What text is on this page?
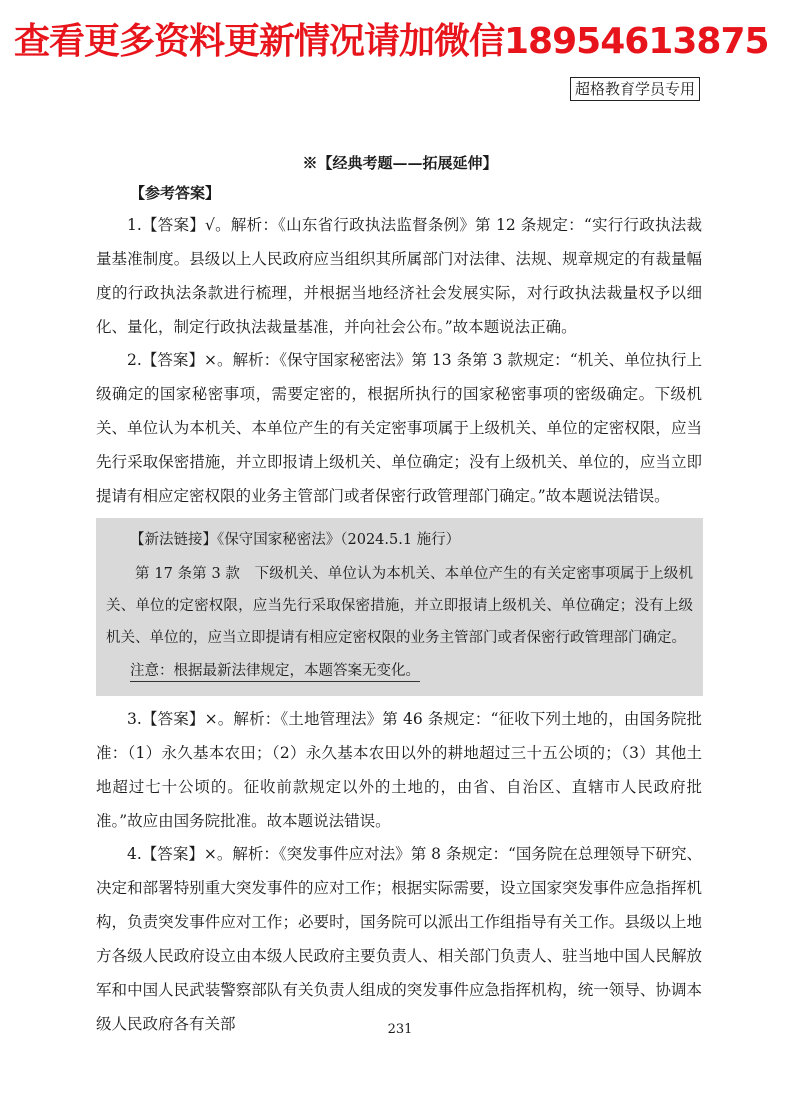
查看更多资料更新情况请加微信18954613875
超格教育学员专用
※【经典考题——拓展延伸】
【参考答案】
1.【答案】√。解析：《山东省行政执法监督条例》第 12 条规定：“实行行政执法裁量基准制度。县级以上人民政府应当组织其所属部门对法律、法规、规章规定的有裁量幅度的行政执法条款进行梳理，并根据当地经济社会发展实际，对行政执法裁量权予以细化、量化，制定行政执法裁量基准，并向社会公布。”故本题说法正确。
2.【答案】×。解析：《保守国家秘密法》第 13 条第 3 款规定：“机关、单位执行上级确定的国家秘密事项，需要定密的，根据所执行的国家秘密事项的密级确定。下级机关、单位认为本机关、本单位产生的有关定密事项属于上级机关、单位的定密权限，应当先行采取保密措施，并立即报请上级机关、单位确定；没有上级机关、单位的，应当立即提请有相应定密权限的业务主管部门或者保密行政管理部门确定。”故本题说法错误。
【新法链接】《保守国家秘密法》（2024.5.1 施行）
第 17 条第 3 款　下级机关、单位认为本机关、本单位产生的有关定密事项属于上级机关、单位的定密权限，应当先行采取保密措施，并立即报请上级机关、单位确定；没有上级机关、单位的，应当立即提请有相应定密权限的业务主管部门或者保密行政管理部门确定。
注意：根据最新法律规定，本题答案无变化。
3.【答案】×。解析：《土地管理法》第 46 条规定：“征收下列土地的，由国务院批准：（1）永久基本农田；（2）永久基本农田以外的耕地超过三十五公顷的；（3）其他土地超过七十公顷的。征收前款规定以外的土地的，由省、自治区、直辖市人民政府批准。”故应由国务院批准。故本题说法错误。
4.【答案】×。解析：《突发事件应对法》第 8 条规定：“国务院在总理领导下研究、决定和部署特别重大突发事件的应对工作；根据实际需要，设立国家突发事件应急指挥机构，负责突发事件应对工作；必要时，国务院可以派出工作组指导有关工作。县级以上地方各级人民政府设立由本级人民政府主要负责人、相关部门负责人、驻当地中国人民解放军和中国人民武装警察部队有关负责人组成的突发事件应急指挥机构，统一领导、协调本级人民政府各有关部	231
